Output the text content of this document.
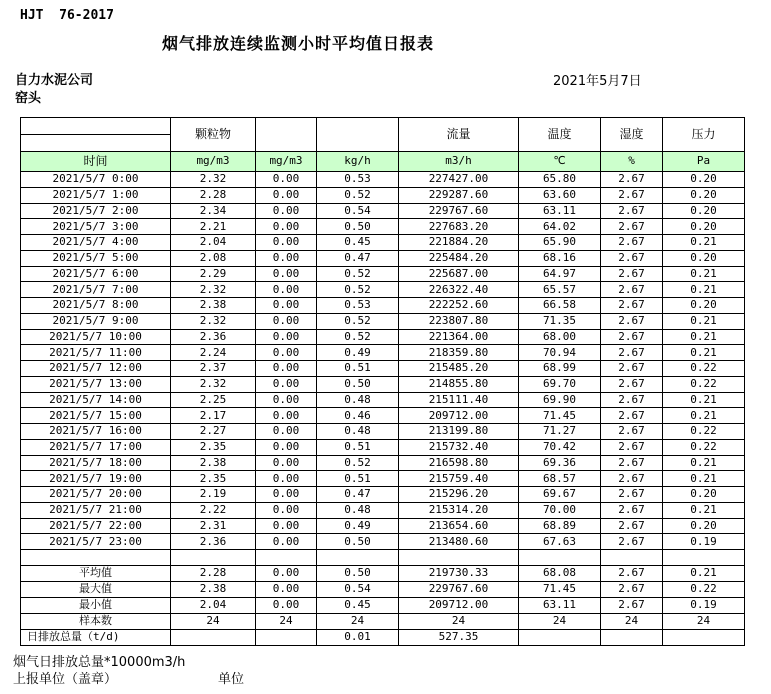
HJT  76-2017
烟气排放连续监测小时平均值日报表
自力水泥公司
窑头
2021年5月7日
	颗粒物			流量	温度	湿度	压力

时间	mg/m3	mg/m3	kg/h	m3/h	℃	%	Pa
2021/5/7 0:00	2.32	0.00	0.53	227427.00	65.80	2.67	0.20
2021/5/7 1:00	2.28	0.00	0.52	229287.60	63.60	2.67	0.20
2021/5/7 2:00	2.34	0.00	0.54	229767.60	63.11	2.67	0.20
2021/5/7 3:00	2.21	0.00	0.50	227683.20	64.02	2.67	0.20
2021/5/7 4:00	2.04	0.00	0.45	221884.20	65.90	2.67	0.21
2021/5/7 5:00	2.08	0.00	0.47	225484.20	68.16	2.67	0.20
2021/5/7 6:00	2.29	0.00	0.52	225687.00	64.97	2.67	0.21
2021/5/7 7:00	2.32	0.00	0.52	226322.40	65.57	2.67	0.21
2021/5/7 8:00	2.38	0.00	0.53	222252.60	66.58	2.67	0.20
2021/5/7 9:00	2.32	0.00	0.52	223807.80	71.35	2.67	0.21
2021/5/7 10:00	2.36	0.00	0.52	221364.00	68.00	2.67	0.21
2021/5/7 11:00	2.24	0.00	0.49	218359.80	70.94	2.67	0.21
2021/5/7 12:00	2.37	0.00	0.51	215485.20	68.99	2.67	0.22
2021/5/7 13:00	2.32	0.00	0.50	214855.80	69.70	2.67	0.22
2021/5/7 14:00	2.25	0.00	0.48	215111.40	69.90	2.67	0.21
2021/5/7 15:00	2.17	0.00	0.46	209712.00	71.45	2.67	0.21
2021/5/7 16:00	2.27	0.00	0.48	213199.80	71.27	2.67	0.22
2021/5/7 17:00	2.35	0.00	0.51	215732.40	70.42	2.67	0.22
2021/5/7 18:00	2.38	0.00	0.52	216598.80	69.36	2.67	0.21
2021/5/7 19:00	2.35	0.00	0.51	215759.40	68.57	2.67	0.21
2021/5/7 20:00	2.19	0.00	0.47	215296.20	69.67	2.67	0.20
2021/5/7 21:00	2.22	0.00	0.48	215314.20	70.00	2.67	0.21
2021/5/7 22:00	2.31	0.00	0.49	213654.60	68.89	2.67	0.20
2021/5/7 23:00	2.36	0.00	0.50	213480.60	67.63	2.67	0.19

平均值	2.28	0.00	0.50	219730.33	68.08	2.67	0.21
最大值	2.38	0.00	0.54	229767.60	71.45	2.67	0.22
最小值	2.04	0.00	0.45	209712.00	63.11	2.67	0.19
样本数	24	24	24	24	24	24	24
日排放总量（t/d)			0.01	527.35			
烟气日排放总量*10000m3/h
上报单位（盖章）	单位
